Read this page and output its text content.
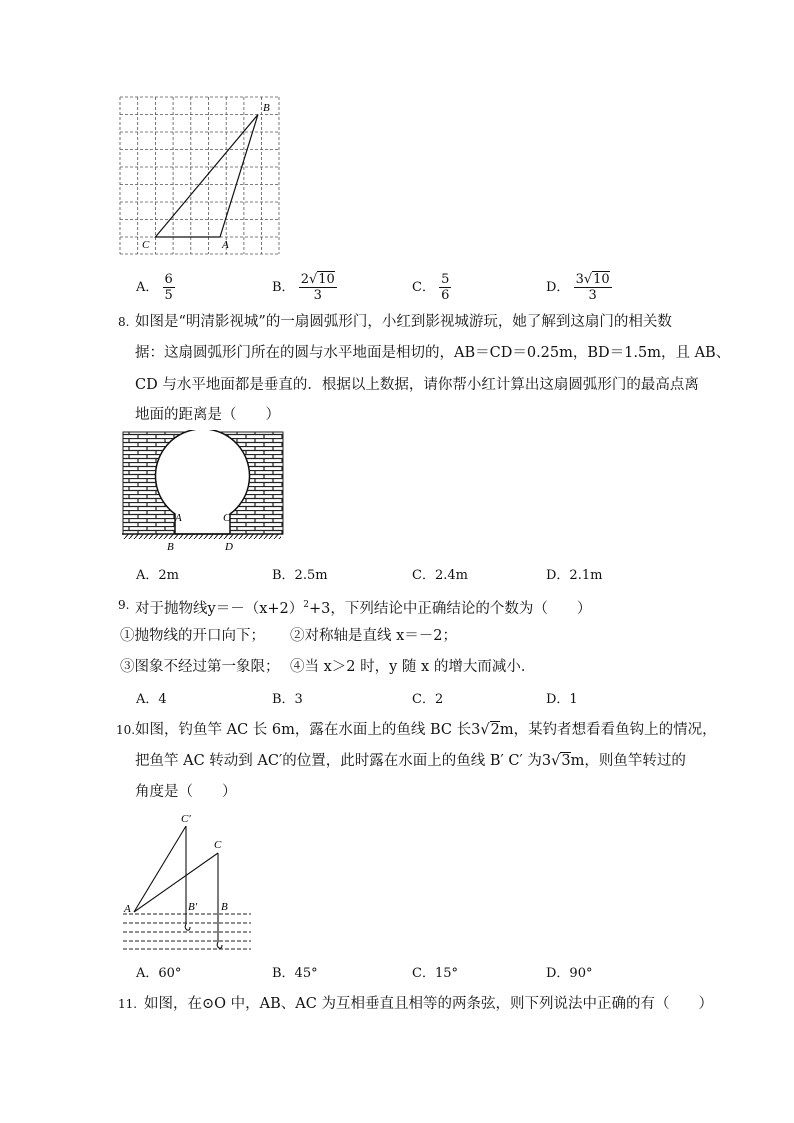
B
C	A
A． $\frac{6}{5}$	B． $\frac{2√10}{3}$	C． $\frac{5}{6}$	D． $\frac{3√10}{3}$
8. 如图是“明清影视城”的一扇圆弧形门，小红到影视城游玩，她了解到这扇门的相关数
据：这扇圆弧形门所在的圆与水平地面是相切的，AB＝CD＝0.25m，BD＝1.5m，且 AB、
CD 与水平地面都是垂直的．根据以上数据，请你帮小红计算出这扇圆弧形门的最高点离
地面的距离是（　　）
A	C
B	D
A．2m	B．2.5m	C．2.4m	D．2.1m
9. 对于抛物线$y=-(x+2)^2+3$，下列结论中正确结论的个数为（　　）
①抛物线的开口向下； ②对称轴是直线 x＝－2；
③图象不经过第一象限； ④当 x＞2 时，y 随 x 的增大而减小．
A．4	B．3	C．2	D．1
10. 如图，钓鱼竿 AC 长 6m，露在水面上的鱼线 BC 长3√2m，某钓者想看看鱼钩上的情况，
把鱼竿 AC 转动到 AC′的位置，此时露在水面上的鱼线 B′ C′ 为3√3m，则鱼竿转过的
角度是（　　）
C′
C
A	B′ B
A．60°	B．45°	C．15°	D．90°
11. 如图，在⊙O 中，AB、AC 为互相垂直且相等的两条弦，则下列说法中正确的有（　　）
